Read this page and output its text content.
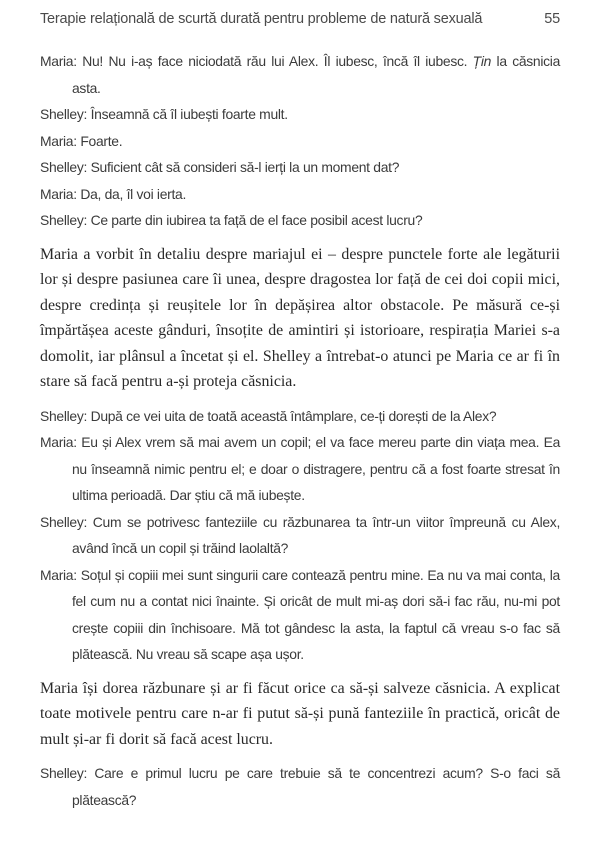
Terapie relațională de scurtă durată pentru probleme de natură sexuală	55

Maria: Nu! Nu i-aș face niciodată rău lui Alex. Îl iubesc, încă îl iubesc. Țin la căsnicia asta.

Shelley: Înseamnă că îl iubești foarte mult.

Maria: Foarte.

Shelley: Suficient cât să consideri să-l ierți la un moment dat?

Maria: Da, da, îl voi ierta.

Shelley: Ce parte din iubirea ta față de el face posibil acest lucru?

Maria a vorbit în detaliu despre mariajul ei – despre punctele forte ale legăturii lor și despre pasiunea care îi unea, despre dragostea lor față de cei doi copii mici, despre credința și reușitele lor în depășirea altor obstacole. Pe măsură ce-și împărtășea aceste gânduri, însoțite de amintiri și istorioare, respirația Mariei s-a domolit, iar plânsul a încetat și el. Shelley a întrebat-o atunci pe Maria ce ar fi în stare să facă pentru a-și proteja căsnicia.

Shelley: După ce vei uita de toată această întâmplare, ce-ți dorești de la Alex?

Maria: Eu și Alex vrem să mai avem un copil; el va face mereu parte din viața mea. Ea nu înseamnă nimic pentru el; e doar o distragere, pentru că a fost foarte stresat în ultima perioadă. Dar știu că mă iubește.

Shelley: Cum se potrivesc fanteziile cu răzbunarea ta într-un viitor împreună cu Alex, având încă un copil și trăind laolaltă?

Maria: Soțul și copiii mei sunt singurii care contează pentru mine. Ea nu va mai conta, la fel cum nu a contat nici înainte. Și oricât de mult mi-aș dori să-i fac rău, nu-mi pot crește copiii din închisoare. Mă tot gândesc la asta, la faptul că vreau s-o fac să plătească. Nu vreau să scape așa ușor.

Maria își dorea răzbunare și ar fi făcut orice ca să-și salveze căsnicia. A explicat toate motivele pentru care n-ar fi putut să-și pună fanteziile în practică, oricât de mult și-ar fi dorit să facă acest lucru.

Shelley: Care e primul lucru pe care trebuie să te concentrezi acum? S-o faci să plătească?
